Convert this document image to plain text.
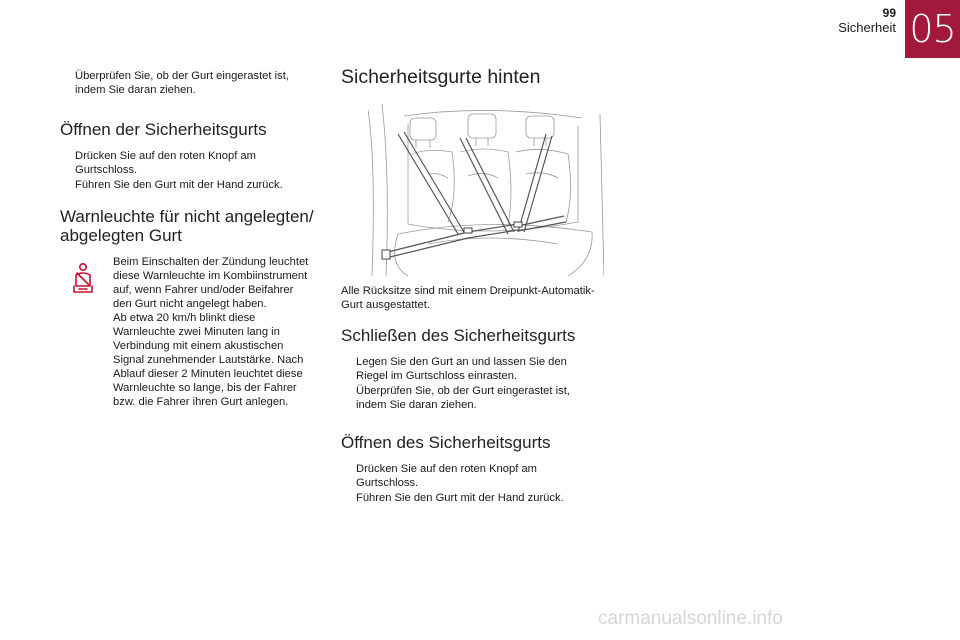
99
Sicherheit 05
Überprüfen Sie, ob der Gurt eingerastet ist, indem Sie daran ziehen.
Öffnen der Sicherheitsgurts
Drücken Sie auf den roten Knopf am Gurtschloss.
Führen Sie den Gurt mit der Hand zurück.
Warnleuchte für nicht angelegten/
abgelegten Gurt

Beim Einschalten der Zündung leuchtet

diese Warnleuchte im Kombiinstrument

auf, wenn Fahrer und/oder Beifahrer

den Gurt nicht angelegt haben.

Ab etwa 20 km/h blinkt diese

Warnleuchte zwei Minuten lang in

Verbindung mit einem akustischen

Signal zunehmender Lautstärke. Nach

Ablauf dieser 2 Minuten leuchtet diese

Warnleuchte so lange, bis der Fahrer

bzw. die Fahrer ihren Gurt anlegen.

Sicherheitsgurte hinten

Alle Rücksitze sind mit einem Dreipunkt-Automatik-

Gurt ausgestattet.

Schließen des Sicherheitsgurts
Legen Sie den Gurt an und lassen Sie den Riegel im Gurtschloss einrasten.
Überprüfen Sie, ob der Gurt eingerastet ist, indem Sie daran ziehen.
Öffnen des Sicherheitsgurts
Drücken Sie auf den roten Knopf am Gurtschloss.
Führen Sie den Gurt mit der Hand zurück.
carmanualsonline.info
